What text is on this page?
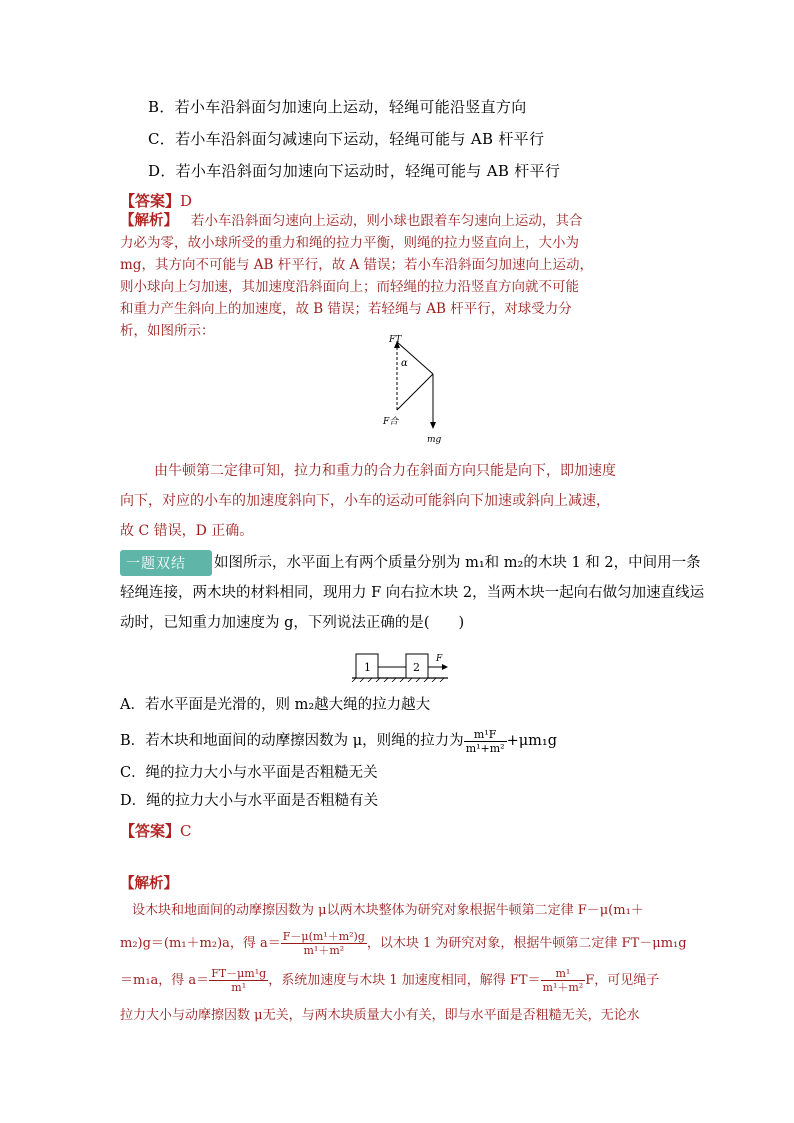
B．若小车沿斜面匀加速向上运动，轻绳可能沿竖直方向
C．若小车沿斜面匀减速向下运动，轻绳可能与 AB 杆平行
D．若小车沿斜面匀加速向下运动时，轻绳可能与 AB 杆平行
【答案】D
【解析】 若小车沿斜面匀速向上运动，则小球也跟着车匀速向上运动，其合
力必为零，故小球所受的重力和绳的拉力平衡，则绳的拉力竖直向上，大小为
mg，其方向不可能与 AB 杆平行，故 A 错误；若小车沿斜面匀加速向上运动，
则小球向上匀加速，其加速度沿斜面向上；而轻绳的拉力沿竖直方向就不可能
和重力产生斜向上的加速度，故 B 错误；若轻绳与 AB 杆平行，对球受力分
析，如图所示：
FT
α
F合
mg
由牛顿第二定律可知，拉力和重力的合力在斜面方向只能是向下，即加速度
向下，对应的小车的加速度斜向下，小车的运动可能斜向下加速或斜向上减速，
故 C 错误，D 正确。
一题双结	如图所示，水平面上有两个质量分别为 m₁和 m₂的木块 1 和 2，中间用一条
轻绳连接，两木块的材料相同，现用力 F 向右拉木块 2，当两木块一起向右做匀加速直线运
动时，已知重力加速度为 g，下列说法正确的是(　　)
1	2
F
A．若水平面是光滑的，则 m₂越大绳的拉力越大
B．若木块和地面间的动摩擦因数为 μ，则绳的拉力为 $\frac{\text{m¹F}}{\text{m¹+m²}} +\mu m_1g$
C．绳的拉力大小与水平面是否粗糙无关
D．绳的拉力大小与水平面是否粗糙有关
【答案】C
【解析】
设木块和地面间的动摩擦因数为 μ以两木块整体为研究对象根据牛顿第二定律 F－μ(m₁＋
m₂)g＝(m₁＋m₂)a，得 $a= \frac{\text{F－μ(m¹＋m²)g}}{\text{m¹＋m²}}$ ，以木块 1 为研究对象，根据牛顿第二定律 FT－μm₁g
＝m₁a，得 $a= \frac{\text{FT－μm¹g}}{\text{m¹}}$ ，系统加速度与木块 1 加速度相同，解得 $FT= \frac{\text{m¹}}{\text{m¹＋m²}}$ F，可见绳子
拉力大小与动摩擦因数 μ无关，与两木块质量大小有关，即与水平面是否粗糙无关，无论水
